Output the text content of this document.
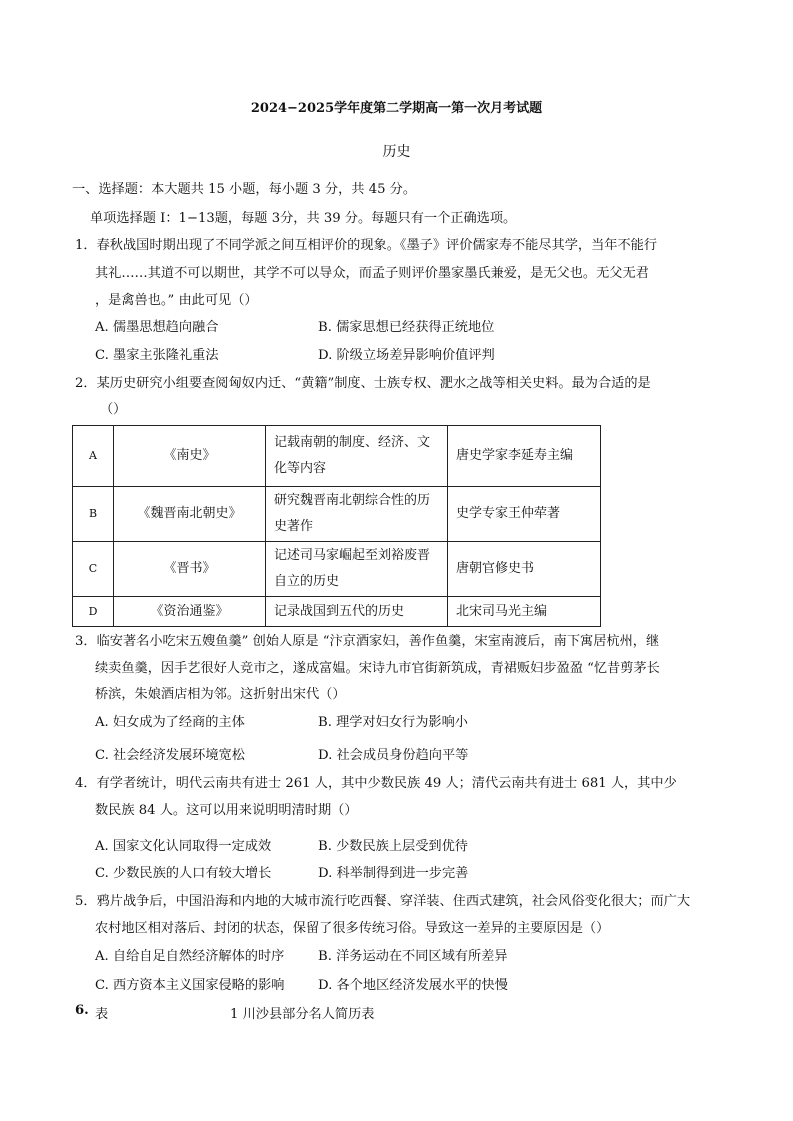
2024−2025学年度第二学期高一第一次月考试题
历史
一、选择题：本大题共 15 小题，每小题 3 分，共 45 分。
单项选择题 I：1−13题，每题 3分，共 39 分。每题只有一个正确选项。
1．春秋战国时期出现了不同学派之间互相评价的现象。《墨子》评价儒家寿不能尽其学，当年不能行
其礼……其道不可以期世，其学不可以导众，而孟子则评价墨家墨氏兼爱，是无父也。无父无君
，是禽兽也。” 由此可见（）
A. 儒墨思想趋向融合	B. 儒家思想已经获得正统地位
C. 墨家主张隆礼重法	D. 阶级立场差异影响价值评判
2．某历史研究小组要查阅匈奴内迁、“黄籍”制度、士族专权、淝水之战等相关史料。最为合适的是
（）
A	《南史》	记载南朝的制度、经济、文化等内容	唐史学家李延寿主编
B	《魏晋南北朝史》	研究魏晋南北朝综合性的历史著作	史学专家王仲荦著
C	《晋书》	记述司马家崛起至刘裕废晋自立的历史	唐朝官修史书
D	《资治通鉴》	记录战国到五代的历史	北宋司马光主编
3．临安著名小吃宋五嫂鱼羹” 创始人原是 “汴京酒家妇，善作鱼羹，宋室南渡后，南下寓居杭州，继
续卖鱼羹，因手艺很好人竞市之，遂成富媪。宋诗九市官街新筑成，青裙贩妇步盈盈 “忆昔剪茅长
桥滨，朱娘酒店相为邻。这折射出宋代（）
A. 妇女成为了经商的主体	B. 理学对妇女行为影响小
C. 社会经济发展环境宽松	D. 社会成员身份趋向平等
4．有学者统计，明代云南共有进士 261 人，其中少数民族 49 人；清代云南共有进士 681 人，其中少
数民族 84 人。这可以用来说明明清时期（）
A. 国家文化认同取得一定成效	B. 少数民族上层受到优待
C. 少数民族的人口有较大增长	D. 科举制得到进一步完善
5．鸦片战争后，中国沿海和内地的大城市流行吃西餐、穿洋装、住西式建筑，社会风俗变化很大；而广大
农村地区相对落后、封闭的状态，保留了很多传统习俗。导致这一差异的主要原因是（）
A. 自给自足自然经济解体的时序	B. 洋务运动在不同区域有所差异
C. 西方资本主义国家侵略的影响	D. 各个地区经济发展水平的快慢
6. 表	1 川沙县部分名人简历表
